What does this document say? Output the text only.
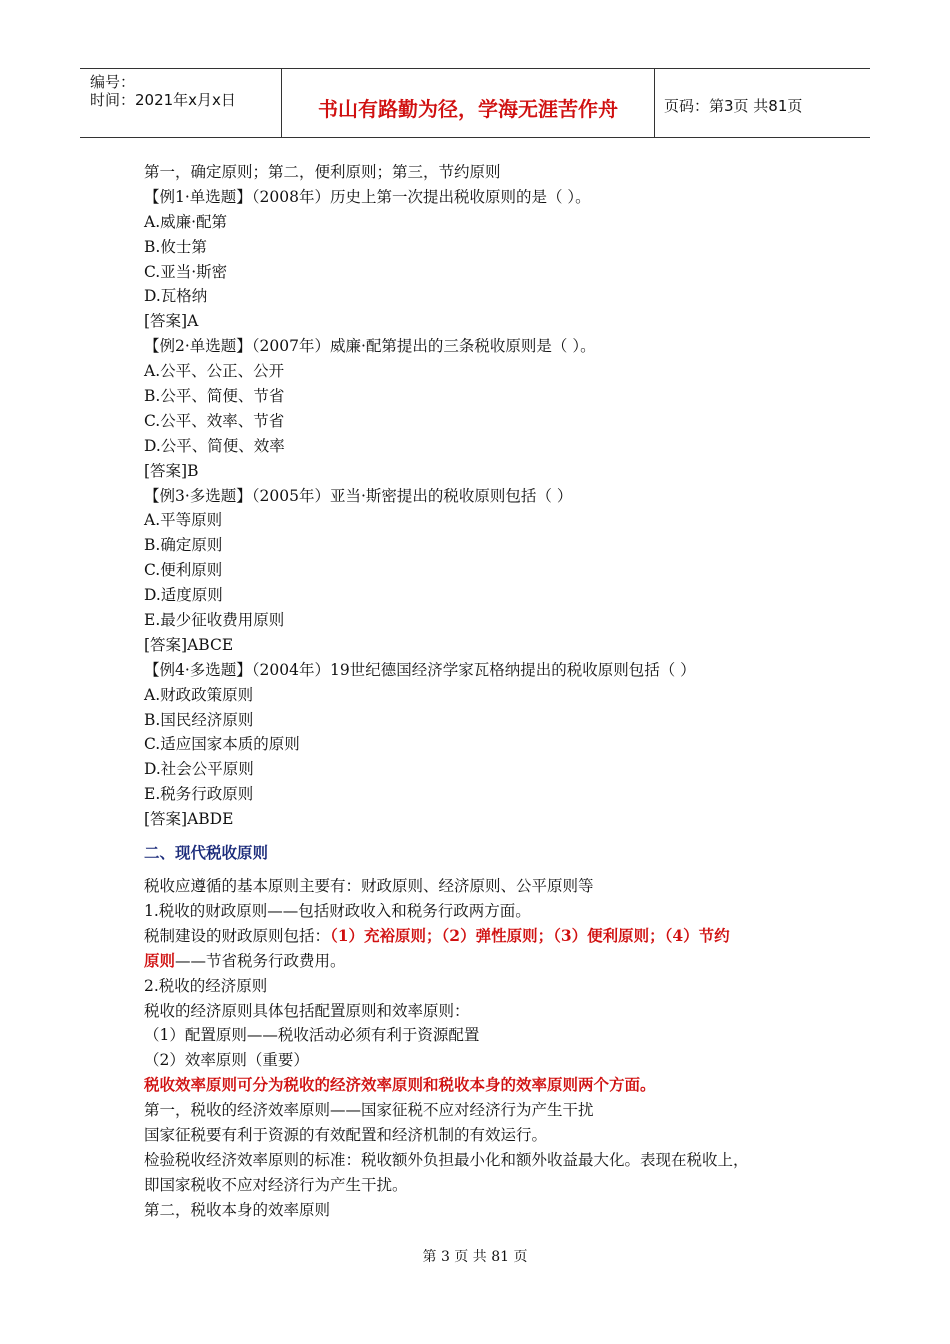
编号：
时间：2021年x月x日	书山有路勤为径，学海无涯苦作舟	页码：第3页 共81页
第一，确定原则；第二，便利原则；第三，节约原则
【例1·单选题】（2008年）历史上第一次提出税收原则的是（ ）。
A.威廉·配第
B.攸士第
C.亚当·斯密
D.瓦格纳
[答案]A
【例2·单选题】（2007年）威廉·配第提出的三条税收原则是（ ）。
A.公平、公正、公开
B.公平、简便、节省
C.公平、效率、节省
D.公平、简便、效率
[答案]B
【例3·多选题】（2005年）亚当·斯密提出的税收原则包括（ ）
A.平等原则
B.确定原则
C.便利原则
D.适度原则
E.最少征收费用原则
[答案]ABCE
【例4·多选题】（2004年）19世纪德国经济学家瓦格纳提出的税收原则包括（ ）
A.财政政策原则
B.国民经济原则
C.适应国家本质的原则
D.社会公平原则
E.税务行政原则
[答案]ABDE
二、现代税收原则
税收应遵循的基本原则主要有：财政原则、经济原则、公平原则等
1.税收的财政原则——包括财政收入和税务行政两方面。
税制建设的财政原则包括：（1）充裕原则；（2）弹性原则；（3）便利原则；（4）节约
原则——节省税务行政费用。
2.税收的经济原则
税收的经济原则具体包括配置原则和效率原则：
（1）配置原则——税收活动必须有利于资源配置
（2）效率原则（重要）
税收效率原则可分为税收的经济效率原则和税收本身的效率原则两个方面。
第一，税收的经济效率原则——国家征税不应对经济行为产生干扰
国家征税要有利于资源的有效配置和经济机制的有效运行。
检验税收经济效率原则的标准：税收额外负担最小化和额外收益最大化。表现在税收上，
即国家税收不应对经济行为产生干扰。
第二，税收本身的效率原则
第 3 页 共 81 页
